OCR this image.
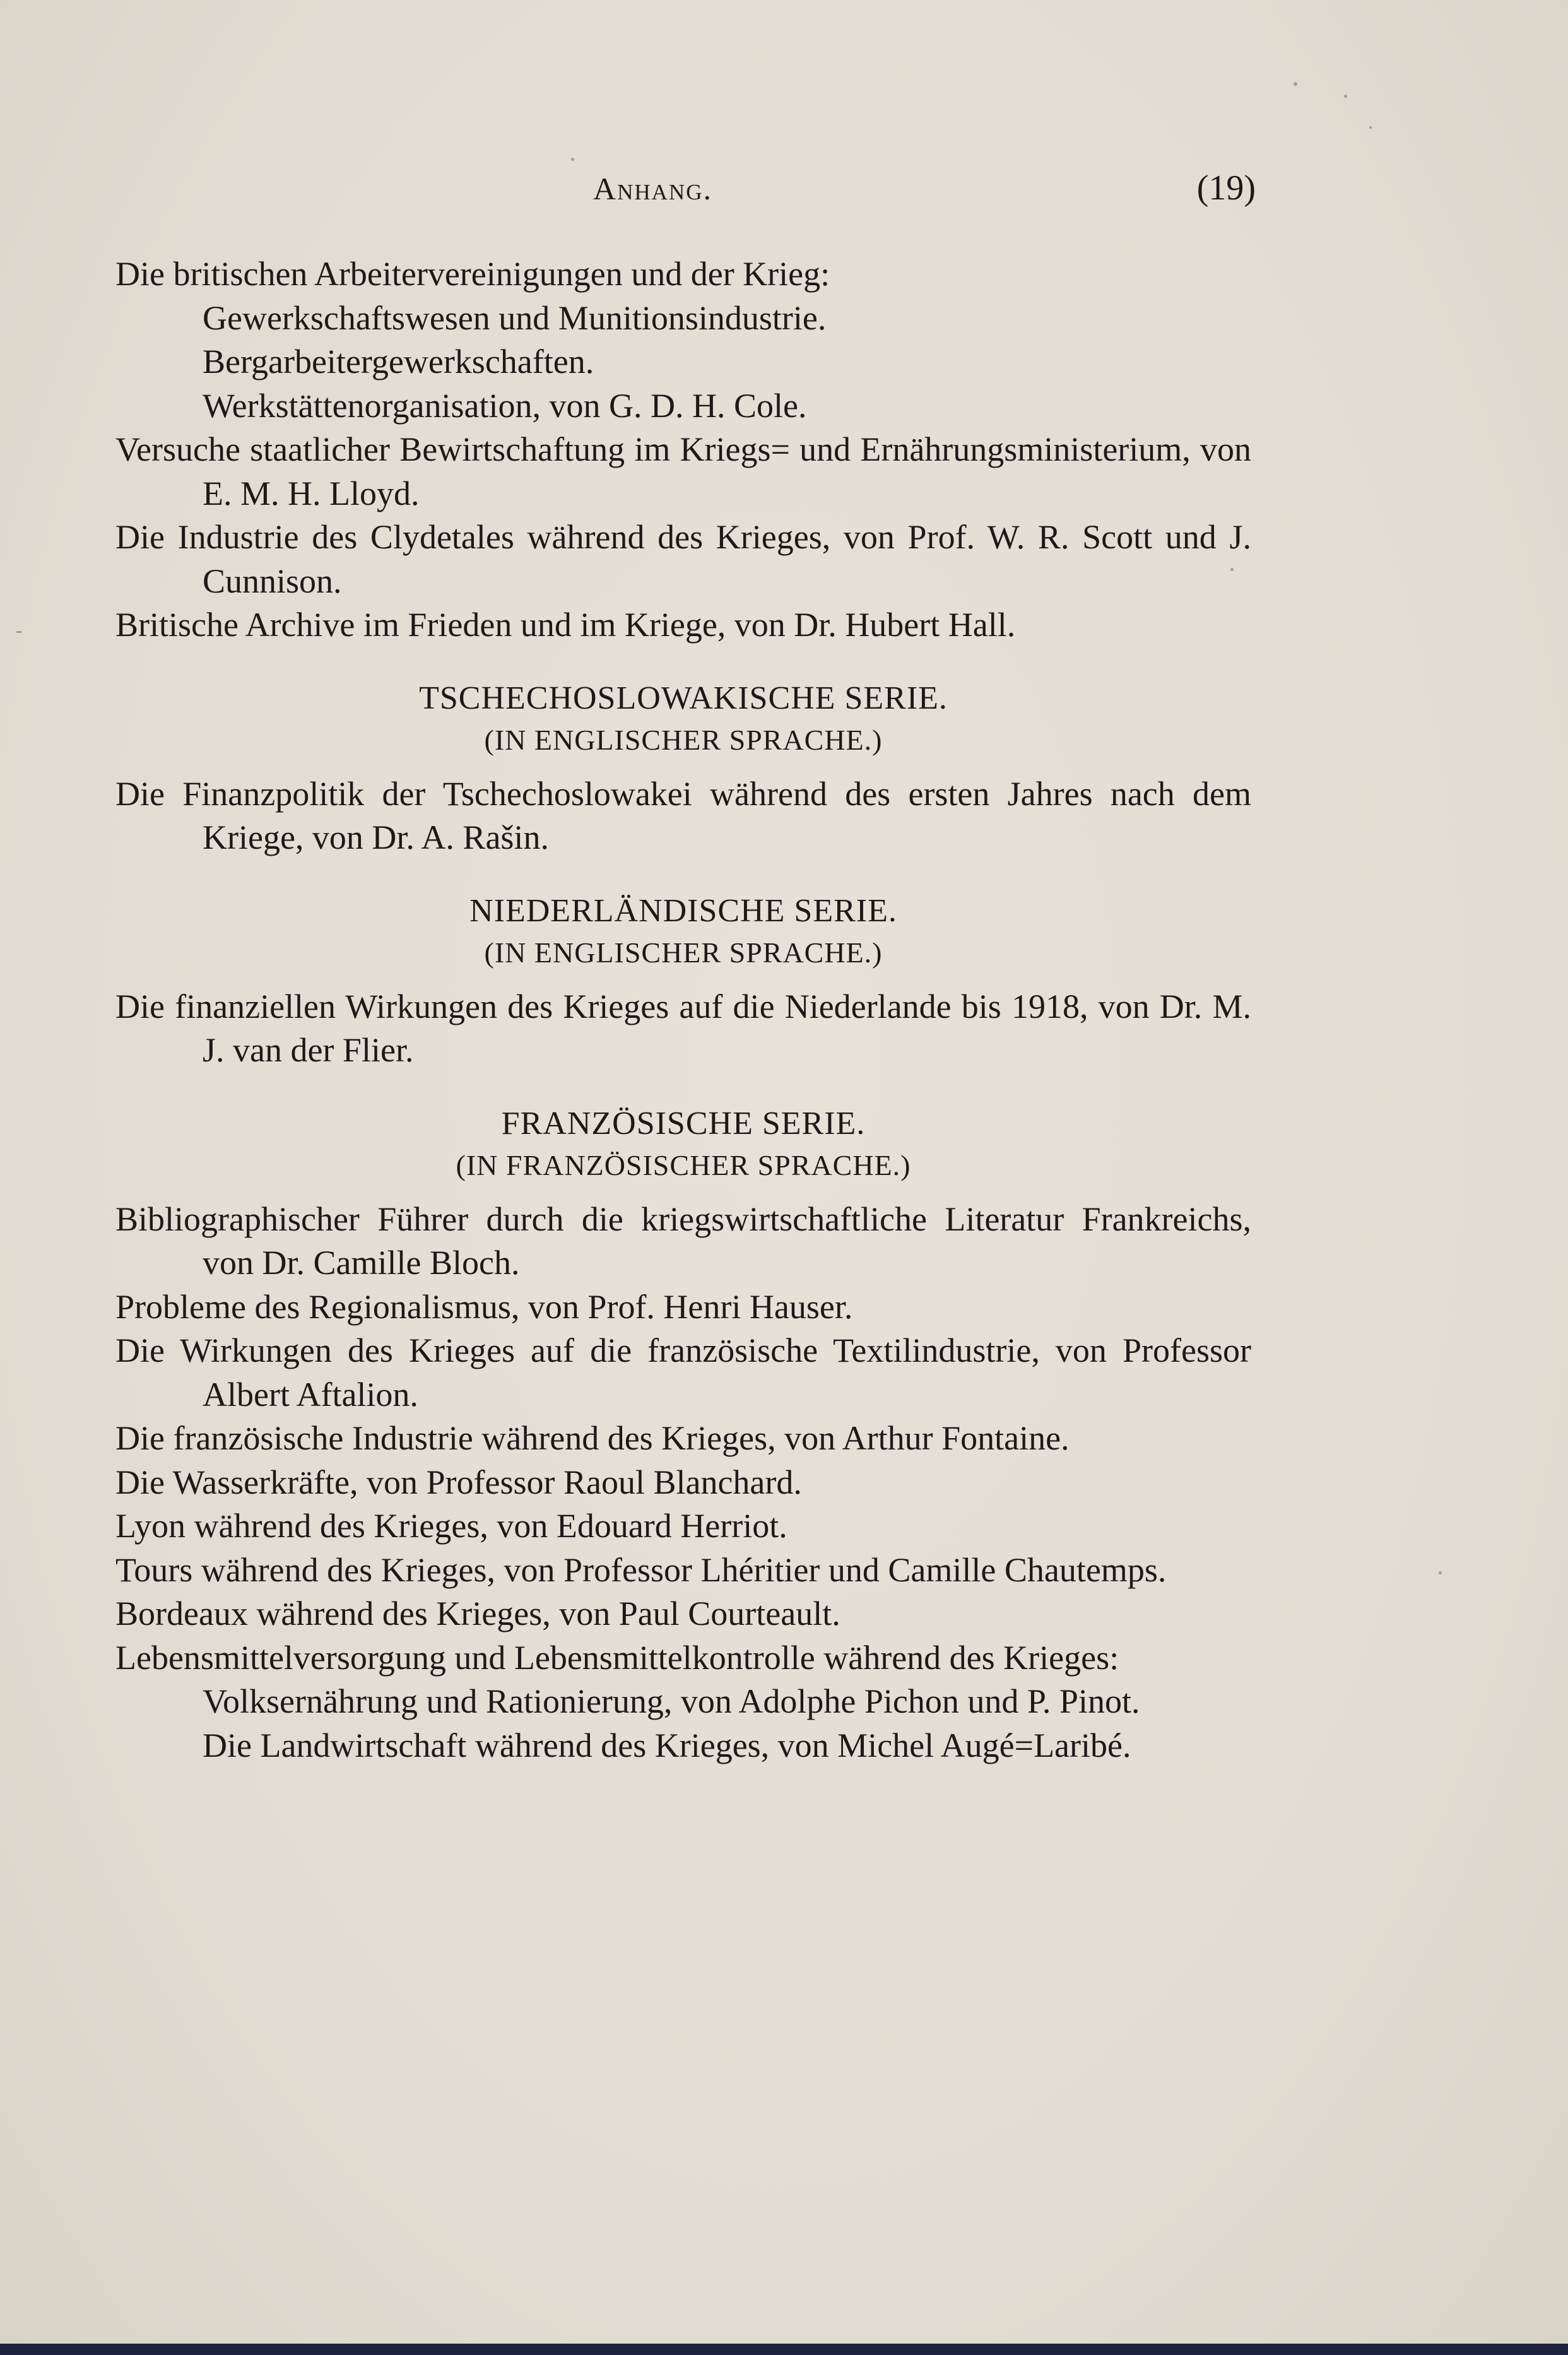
Anhang.	(19)
Die britischen Arbeitervereinigungen und der Krieg:
Gewerkschaftswesen und Munitionsindustrie.
Bergarbeitergewerkschaften.
Werkstättenorganisation, von G. D. H. Cole.
Versuche staatlicher Bewirtschaftung im Kriegs= und Ernährungsministerium, von E. M. H. Lloyd.
Die Industrie des Clydetales während des Krieges, von Prof. W. R. Scott und J. Cunnison.
Britische Archive im Frieden und im Kriege, von Dr. Hubert Hall.
TSCHECHOSLOWAKISCHE SERIE.
(IN ENGLISCHER SPRACHE.)
Die Finanzpolitik der Tschechoslowakei während des ersten Jahres nach dem Kriege, von Dr. A. Rašin.
NIEDERLÄNDISCHE SERIE.
(IN ENGLISCHER SPRACHE.)
Die finanziellen Wirkungen des Krieges auf die Niederlande bis 1918, von Dr. M. J. van der Flier.
FRANZÖSISCHE SERIE.
(IN FRANZÖSISCHER SPRACHE.)
Bibliographischer Führer durch die kriegswirtschaftliche Literatur Frankreichs, von Dr. Camille Bloch.
Probleme des Regionalismus, von Prof. Henri Hauser.
Die Wirkungen des Krieges auf die französische Textilindustrie, von Professor Albert Aftalion.
Die französische Industrie während des Krieges, von Arthur Fontaine.
Die Wasserkräfte, von Professor Raoul Blanchard.
Lyon während des Krieges, von Edouard Herriot.
Tours während des Krieges, von Professor Lhéritier und Camille Chautemps.
Bordeaux während des Krieges, von Paul Courteault.
Lebensmittelversorgung und Lebensmittelkontrolle während des Krieges:
Volksernährung und Rationierung, von Adolphe Pichon und P. Pinot.
Die Landwirtschaft während des Krieges, von Michel Augé=Laribé.
